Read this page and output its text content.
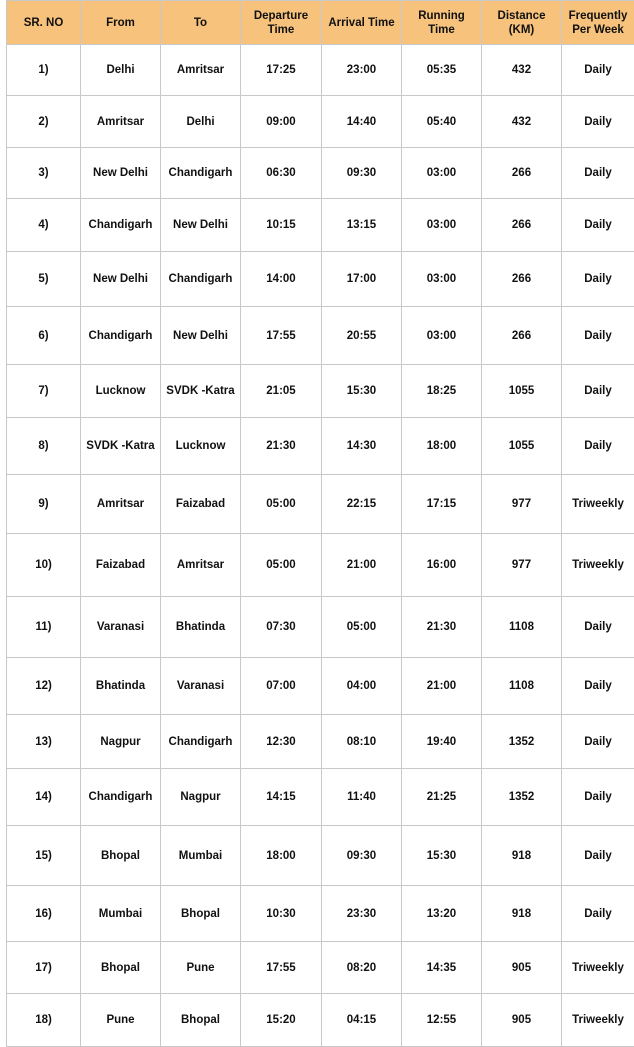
SR. NO	From	To	Departure Time	Arrival Time	Running Time	Distance (KM)	Frequently Per Week
1)	Delhi	Amritsar	17:25	23:00	05:35	432	Daily
2)	Amritsar	Delhi	09:00	14:40	05:40	432	Daily
3)	New Delhi	Chandigarh	06:30	09:30	03:00	266	Daily
4)	Chandigarh	New Delhi	10:15	13:15	03:00	266	Daily
5)	New Delhi	Chandigarh	14:00	17:00	03:00	266	Daily
6)	Chandigarh	New Delhi	17:55	20:55	03:00	266	Daily
7)	Lucknow	SVDK -Katra	21:05	15:30	18:25	1055	Daily
8)	SVDK -Katra	Lucknow	21:30	14:30	18:00	1055	Daily
9)	Amritsar	Faizabad	05:00	22:15	17:15	977	Triweekly
10)	Faizabad	Amritsar	05:00	21:00	16:00	977	Triweekly
11)	Varanasi	Bhatinda	07:30	05:00	21:30	1108	Daily
12)	Bhatinda	Varanasi	07:00	04:00	21:00	1108	Daily
13)	Nagpur	Chandigarh	12:30	08:10	19:40	1352	Daily
14)	Chandigarh	Nagpur	14:15	11:40	21:25	1352	Daily
15)	Bhopal	Mumbai	18:00	09:30	15:30	918	Daily
16)	Mumbai	Bhopal	10:30	23:30	13:20	918	Daily
17)	Bhopal	Pune	17:55	08:20	14:35	905	Triweekly
18)	Pune	Bhopal	15:20	04:15	12:55	905	Triweekly
